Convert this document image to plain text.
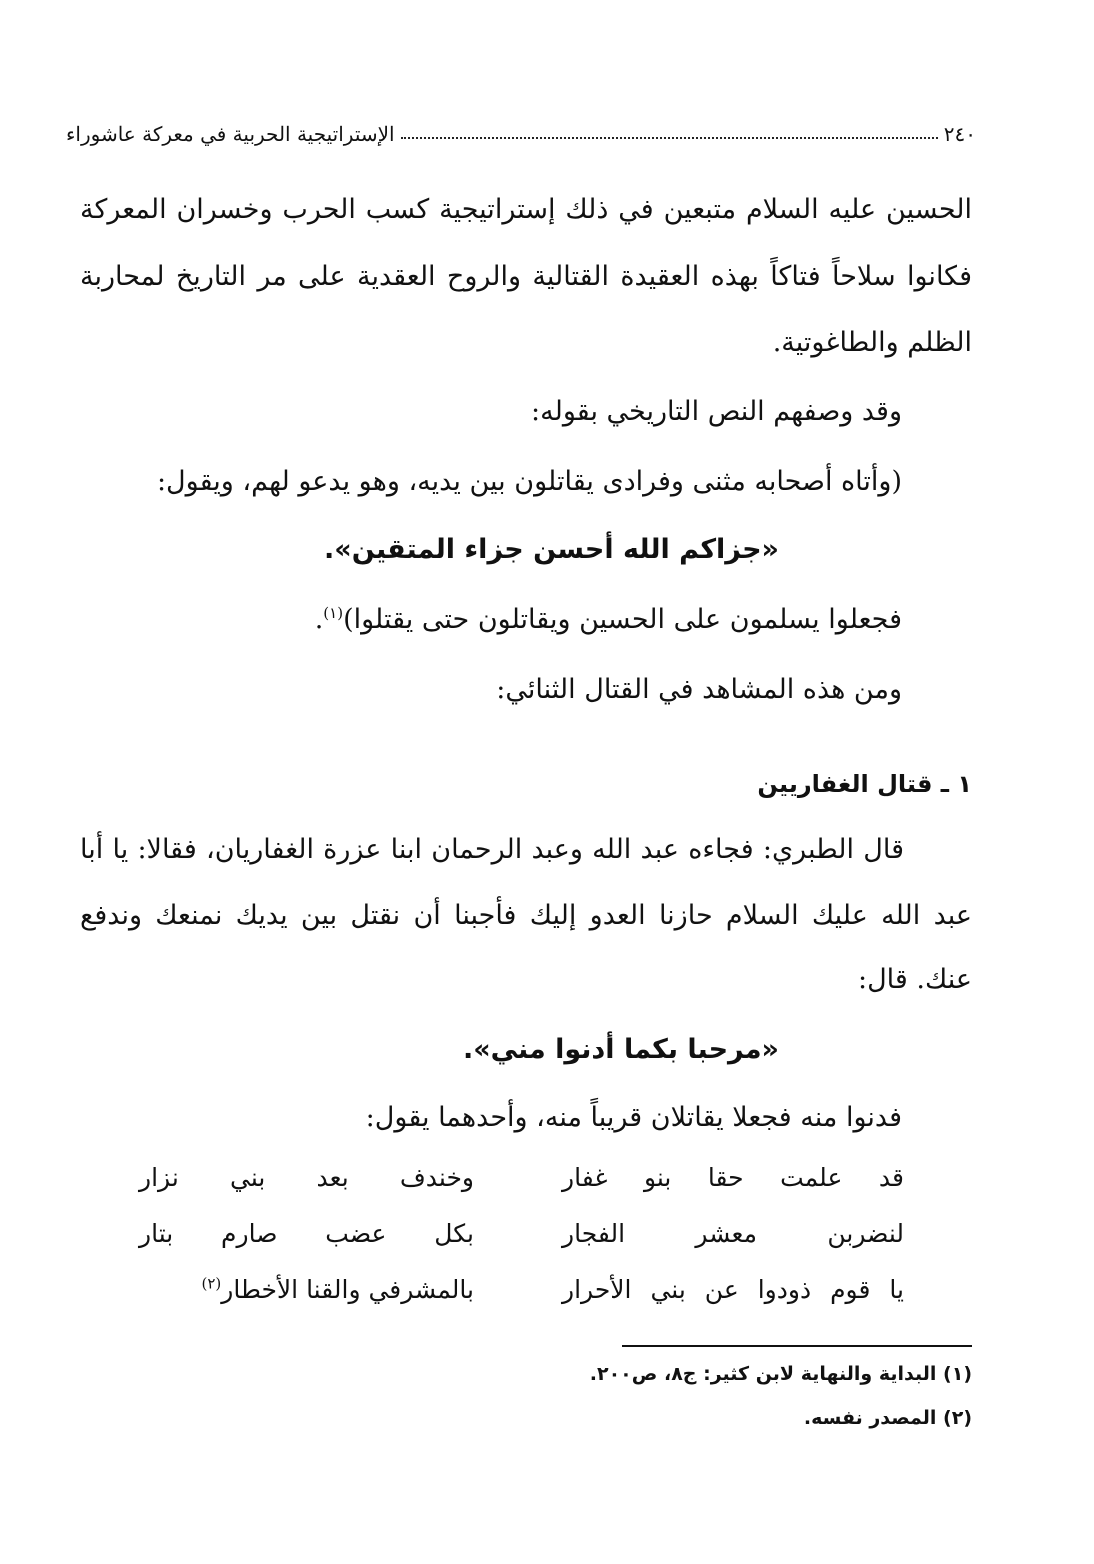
٢٤٠
الإستراتيجية الحربية في معركة عاشوراء
الحسين عليه السلام متبعين في ذلك إستراتيجية كسب الحرب وخسران المعركة
فكانوا سلاحاً فتاكاً بهذه العقيدة القتالية والروح العقدية على مر التاريخ لمحاربة
الظلم والطاغوتية.
وقد وصفهم النص التاريخي بقوله:
(وأتاه أصحابه مثنى وفرادى يقاتلون بين يديه، وهو يدعو لهم، ويقول:
«جزاكم الله أحسن جزاء المتقين».
فجعلوا يسلمون على الحسين ويقاتلون حتى يقتلوا)$^{(١)}$.
ومن هذه المشاهد في القتال الثنائي:
١ ـ قتال الغفاريين
قال الطبري: فجاءه عبد الله وعبد الرحمان ابنا عزرة الغفاريان، فقالا: يا أبا
عبد الله عليك السلام حازنا العدو إليك فأجبنا أن نقتل بين يديك نمنعك وندفع
عنك. قال:
«مرحبا بكما أدنوا مني».
فدنوا منه فجعلا يقاتلان قريباً منه، وأحدهما يقول:
قد علمت حقا بنو غفار
وخندف بعد بني نزار
لنضربن معشر الفجار
بكل عضب صارم بتار
يا قوم ذودوا عن بني الأحرار
بالمشرفي والقنا الأخطار$^{(٢)}$
(١) البداية والنهاية لابن كثير: ج٨، ص٢٠٠.
(٢) المصدر نفسه.
